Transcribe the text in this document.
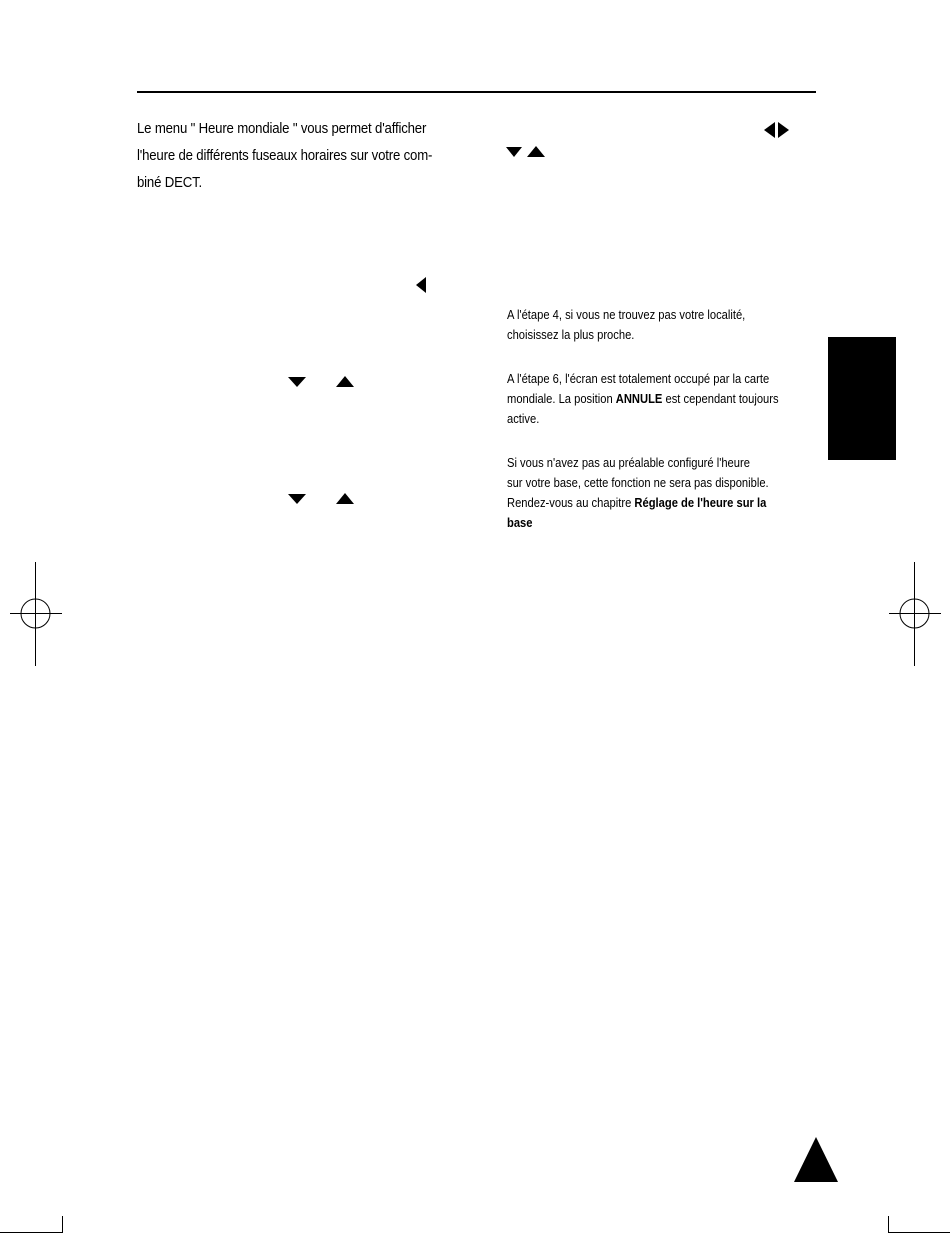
Le menu " Heure mondiale " vous permet d'afficher
l'heure de différents fuseaux horaires sur votre com-
biné DECT.

A l'étape 4, si vous ne trouvez pas votre localité,
choisissez la plus proche.

A l'étape 6, l'écran est totalement occupé par la carte
mondiale. La position ANNULE est cependant toujours
active.

Si vous n'avez pas au préalable configuré l'heure
sur votre base, cette fonction ne sera pas disponible.
Rendez-vous au chapitre Réglage de l'heure sur la
base
